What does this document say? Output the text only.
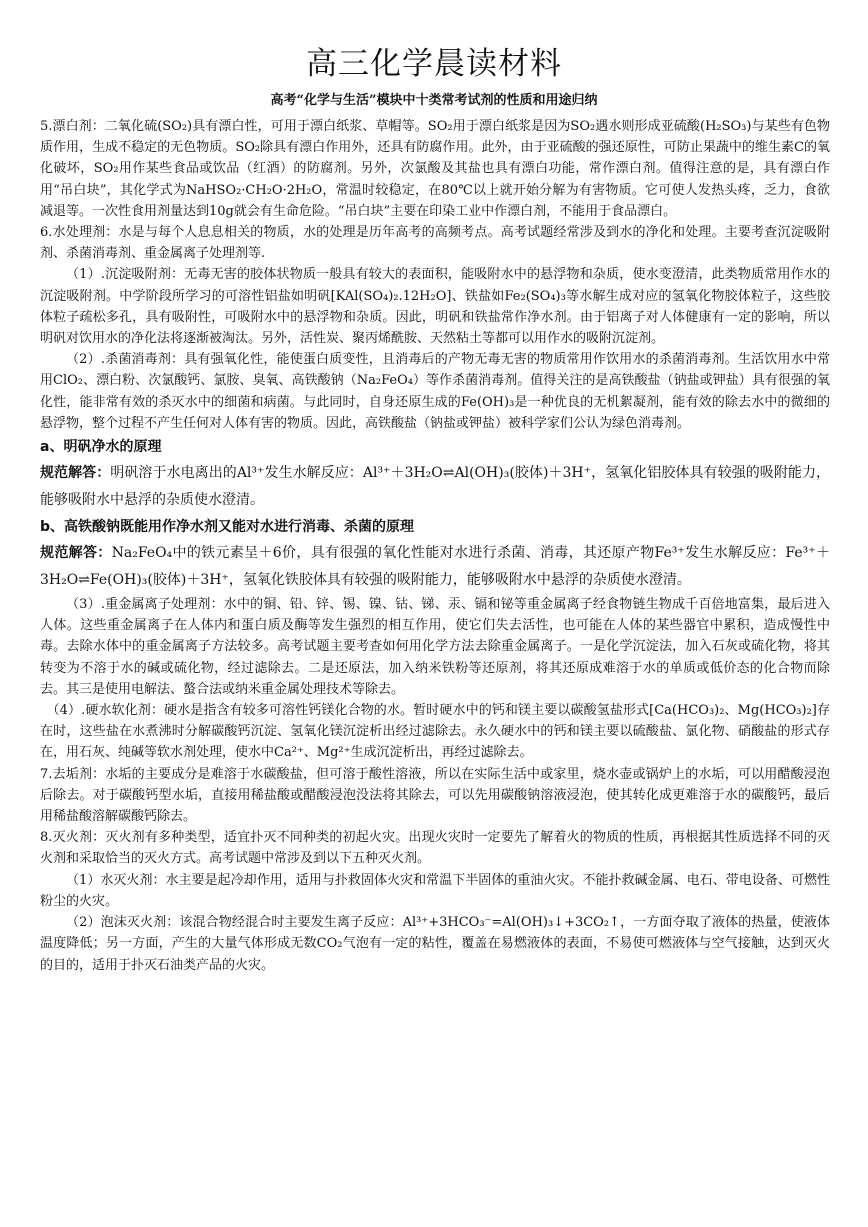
高三化学晨读材料
高考“化学与生活”模块中十类常考试剂的性质和用途归纳

5.漂白剂：二氧化硫(SO₂)具有漂白性，可用于漂白纸浆、草帽等。SO₂用于漂白纸浆是因为SO₂遇水则形成亚硫酸(H₂SO₃)与某些有色物质作用，生成不稳定的无色物质。SO₂除具有漂白作用外，还具有防腐作用。此外，由于亚硫酸的强还原性，可防止果蔬中的维生素C的氧化破坏，SO₂用作某些食品或饮品（红酒）的防腐剂。另外，次氯酸及其盐也具有漂白功能，常作漂白剂。值得注意的是，具有漂白作用“吊白块”，其化学式为NaHSO₂·CH₂O·2H₂O，常温时较稳定，在80℃以上就开始分解为有害物质。它可使人发热头疼，乏力，食欲减退等。一次性食用剂量达到10g就会有生命危险。“吊白块”主要在印染工业中作漂白剂，不能用于食品漂白。

6.水处理剂：水是与每个人息息相关的物质，水的处理是历年高考的高频考点。高考试题经常涉及到水的净化和处理。主要考查沉淀吸附剂、杀菌消毒剂、重金属离子处理剂等.

（1）.沉淀吸附剂：无毒无害的胶体状物质一般具有较大的表面积，能吸附水中的悬浮物和杂质，使水变澄清，此类物质常用作水的沉淀吸附剂。中学阶段所学习的可溶性铝盐如明矾[KAl(SO₄)₂.12H₂O]、铁盐如Fe₂(SO₄)₃等水解生成对应的氢氧化物胶体粒子，这些胶体粒子疏松多孔，具有吸附性，可吸附水中的悬浮物和杂质。因此，明矾和铁盐常作净水剂。由于铝离子对人体健康有一定的影响，所以明矾对饮用水的净化法将逐渐被淘汰。另外，活性炭、聚丙烯酰胺、天然粘土等都可以用作水的吸附沉淀剂。

（2）.杀菌消毒剂：具有强氧化性，能使蛋白质变性，且消毒后的产物无毒无害的物质常用作饮用水的杀菌消毒剂。生活饮用水中常用ClO₂、漂白粉、次氯酸钙、氯胺、臭氧、高铁酸钠（Na₂FeO₄）等作杀菌消毒剂。值得关注的是高铁酸盐（钠盐或钾盐）具有很强的氧化性，能非常有效的杀灭水中的细菌和病菌。与此同时，自身还原生成的Fe(OH)₃是一种优良的无机絮凝剂，能有效的除去水中的微细的悬浮物，整个过程不产生任何对人体有害的物质。因此，高铁酸盐（钠盐或钾盐）被科学家们公认为绿色消毒剂。

a、明矾净水的原理

规范解答：明矾溶于水电离出的Al³⁺发生水解反应：Al³⁺＋3H₂O⇌Al(OH)₃(胶体)＋3H⁺，氢氧化铝胶体具有较强的吸附能力，能够吸附水中悬浮的杂质使水澄清。

b、高铁酸钠既能用作净水剂又能对水进行消毒、杀菌的原理

规范解答：Na₂FeO₄中的铁元素呈＋6价，具有很强的氧化性能对水进行杀菌、消毒，其还原产物Fe³⁺发生水解反应：Fe³⁺＋3H₂O⇌Fe(OH)₃(胶体)＋3H⁺，氢氧化铁胶体具有较强的吸附能力，能够吸附水中悬浮的杂质使水澄清。

（3）.重金属离子处理剂：水中的铜、铅、锌、锡、镍、钴、锑、汞、镉和铋等重金属离子经食物链生物成千百倍地富集，最后进入人体。这些重金属离子在人体内和蛋白质及酶等发生强烈的相互作用，使它们失去活性，也可能在人体的某些器官中累积，造成慢性中毒。去除水体中的重金属离子方法较多。高考试题主要考查如何用化学方法去除重金属离子。一是化学沉淀法，加入石灰或硫化物，将其转变为不溶于水的碱或硫化物，经过滤除去。二是还原法，加入纳米铁粉等还原剂，将其还原成难溶于水的单质或低价态的化合物而除去。其三是使用电解法、螯合法或纳米重金属处理技术等除去。

（4）.硬水软化剂：硬水是指含有较多可溶性钙镁化合物的水。暂时硬水中的钙和镁主要以碳酸氢盐形式[Ca(HCO₃)₂、Mg(HCO₃)₂]存在时，这些盐在水煮沸时分解碳酸钙沉淀、氢氧化镁沉淀析出经过滤除去。永久硬水中的钙和镁主要以硫酸盐、氯化物、硝酸盐的形式存在，用石灰、纯碱等软水剂处理，使水中Ca²⁺、Mg²⁺生成沉淀析出，再经过滤除去。

7.去垢剂：水垢的主要成分是难溶于水碳酸盐，但可溶于酸性溶液，所以在实际生活中或家里，烧水壶或锅炉上的水垢，可以用醋酸浸泡后除去。对于碳酸钙型水垢，直接用稀盐酸或醋酸浸泡没法将其除去，可以先用碳酸钠溶液浸泡，使其转化成更难溶于水的碳酸钙，最后用稀盐酸溶解碳酸钙除去。

8.灭火剂：灭火剂有多种类型，适宜扑灭不同种类的初起火灾。出现火灾时一定要先了解着火的物质的性质，再根据其性质选择不同的灭火剂和采取恰当的灭火方式。高考试题中常涉及到以下五种灭火剂。

（1）水灭火剂：水主要是起冷却作用，适用与扑救固体火灾和常温下半固体的重油火灾。不能扑救碱金属、电石、带电设备、可燃性粉尘的火灾。

（2）泡沫灭火剂：该混合物经混合时主要发生离子反应：Al³⁺+3HCO₃⁻=Al(OH)₃↓+3CO₂↑，一方面夺取了液体的热量，使液体温度降低；另一方面，产生的大量气体形成无数CO₂气泡有一定的粘性，覆盖在易燃液体的表面，不易使可燃液体与空气接触，达到灭火的目的，适用于扑灭石油类产品的火灾。
